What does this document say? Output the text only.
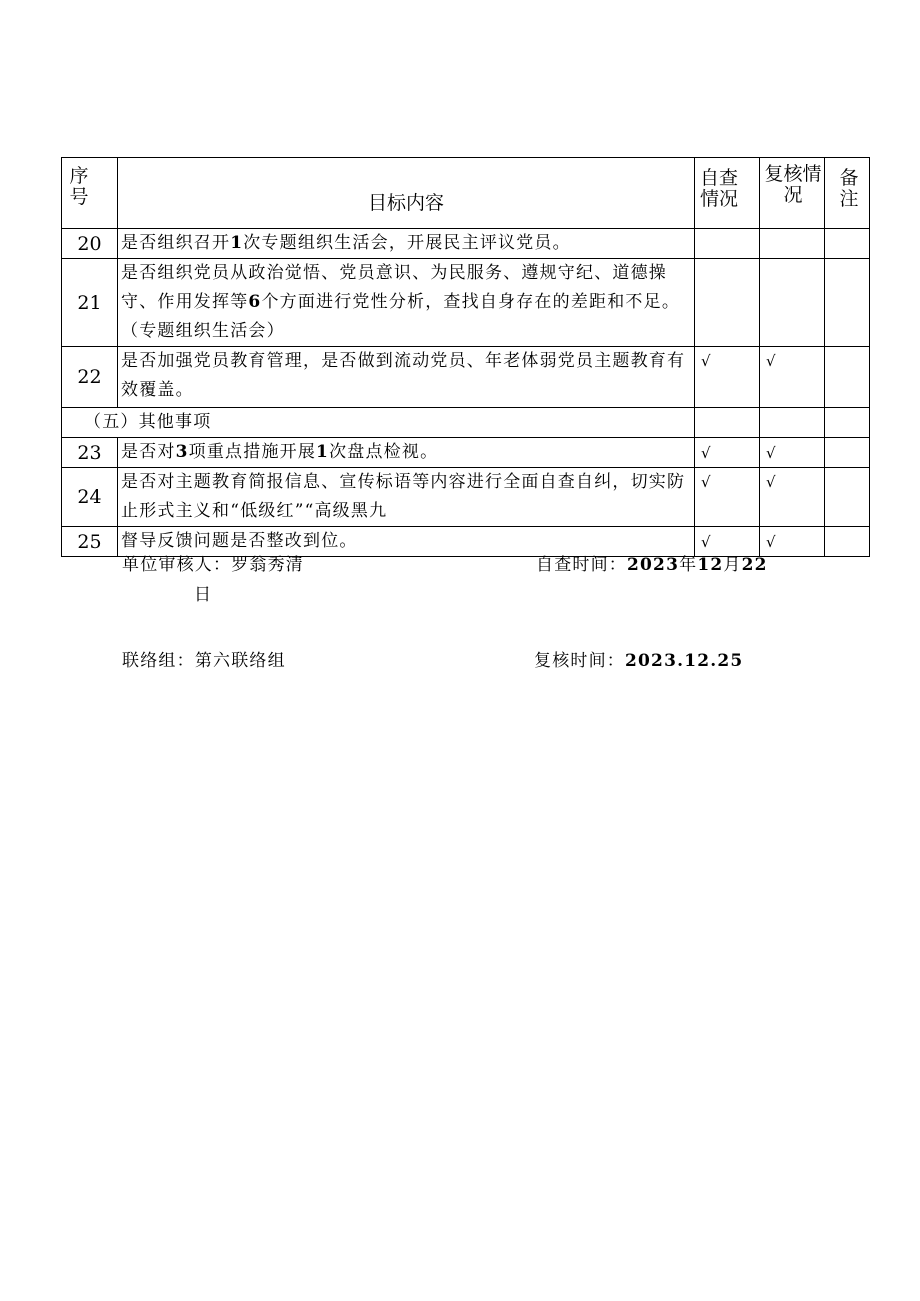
序号	目标内容	自查情况	复核情况	备注

20	是否组织召开1次专题组织生活会，开展民主评议党员。			
21	是否组织党员从政治觉悟、党员意识、为民服务、遵规守纪、道德操守、作用发挥等6个方面进行党性分析，查找自身存在的差距和不足。（专题组织生活会）			
22	是否加强党员教育管理，是否做到流动党员、年老体弱党员主题教育有效覆盖。	√	√	
（五）其他事项				
23	是否对3项重点措施开展1次盘点检视。	√	√	
24	是否对主题教育简报信息、宣传标语等内容进行全面自查自纠，切实防止形式主义和“低级红”“高级黑九	√	√	
25	督导反馈问题是否整改到位。	√	√	
单位审核人：罗翁秀清	自查时间：2023年12月22
日
联络组：第六联络组	复核时间：2023.12.25
